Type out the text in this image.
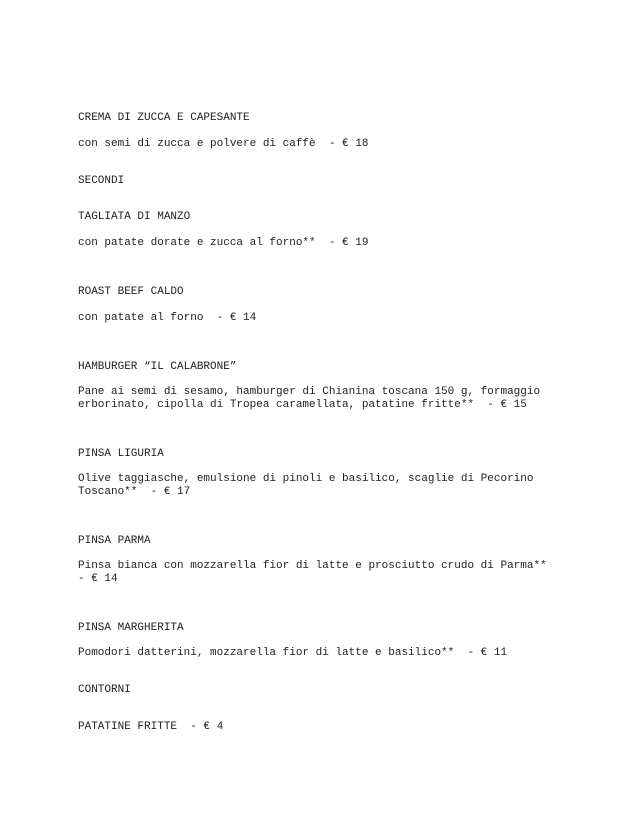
CREMA DI ZUCCA E CAPESANTE

con semi di zucca e polvere di caffè  - € 18

SECONDI

TAGLIATA DI MANZO

con patate dorate e zucca al forno**  - € 19

ROAST BEEF CALDO

con patate al forno  - € 14

HAMBURGER “IL CALABRONE”

Pane ai semi di sesamo, hamburger di Chianina toscana 150 g, formaggio

erborinato, cipolla di Tropea caramellata, patatine fritte**  - € 15

PINSA LIGURIA

Olive taggiasche, emulsione di pinoli e basilico, scaglie di Pecorino

Toscano**  - € 17

PINSA PARMA

Pinsa bianca con mozzarella fior di latte e prosciutto crudo di Parma**

- € 14

PINSA MARGHERITA

Pomodori datterini, mozzarella fior di latte e basilico**  - € 11

CONTORNI

PATATINE FRITTE  - € 4
